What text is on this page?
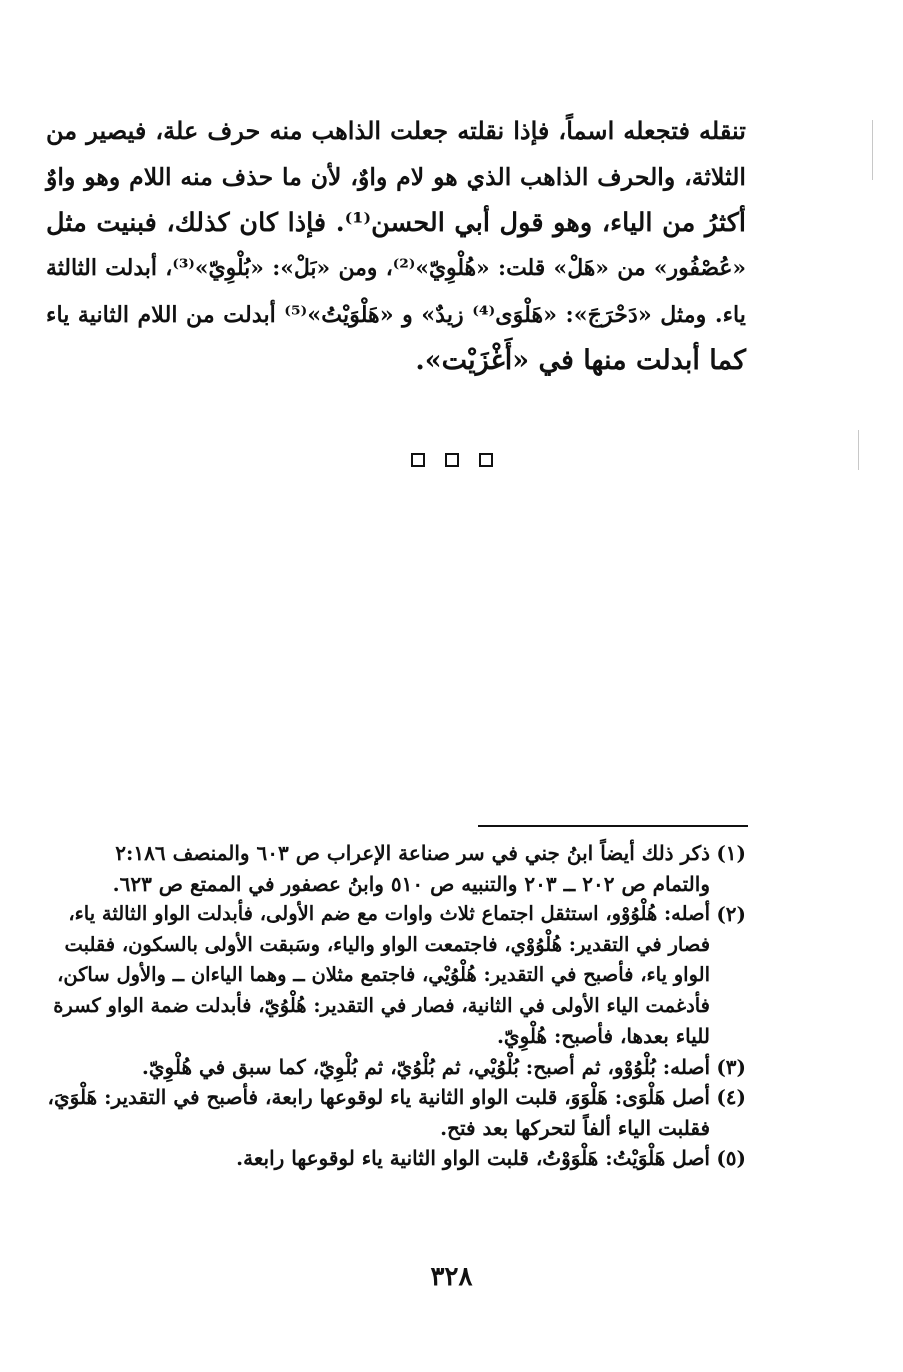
تنقله فتجعله اسماً، فإذا نقلته جعلت الذاهب منه حرف علة، فيصير من
الثلاثة، والحرف الذاهب الذي هو لام واوٌ، لأن ما حذف منه اللام وهو واوٌ
أكثرُ من الياء، وهو قول أبي الحسن⁽¹⁾. فإذا كان كذلك، فبنيت مثل
«عُصْفُور» من «هَلْ» قلت: «هُلْوِيّ»⁽²⁾، ومن «بَلْ»: «بُلْوِيّ»⁽³⁾، أبدلت الثالثة
ياء. ومثل «دَحْرَجَ»: «هَلْوَى⁽⁴⁾ زيدٌ» و «هَلْوَيْتُ»⁽⁵⁾ أبدلت من اللام الثانية ياء
كما أبدلت منها في «أَغْزَيْت».
(١)
ذكر ذلك أيضاً ابنُ جني في سر صناعة الإعراب ص ٦٠٣ والمنصف ٢:١٨٦
والتمام ص ٢٠٢ ــ ٢٠٣ والتنبيه ص ٥١٠ وابنُ عصفور في الممتع ص ٦٢٣.
(٢)
أصله: هُلْوُوْو، استثقل اجتماع ثلاث واوات مع ضم الأولى، فأبدلت الواو الثالثة ياء،
فصار في التقدير: هُلْوُوْي، فاجتمعت الواو والياء، وسَبقت الأولى بالسكون، فقلبت
الواو ياء، فأصبح في التقدير: هُلْوُيْي، فاجتمع مثلان ــ وهما الياءان ــ والأول ساكن،
فأدغمت الياء الأولى في الثانية، فصار في التقدير: هُلْوُيّ، فأبدلت ضمة الواو كسرة
للياء بعدها، فأصبح: هُلْوِيّ.
(٣)
أصله: بُلْوُوْو، ثم أصبح: بُلْوُيْي، ثم بُلْوُيّ، ثم بُلْوِيّ، كما سبق في هُلْوِيّ.
(٤)
أصل هَلْوَى: هَلْوَوَ، قلبت الواو الثانية ياء لوقوعها رابعة، فأصبح في التقدير: هَلْوَيَ،
فقلبت الياء ألفاً لتحركها بعد فتح.
(٥)
أصل هَلْوَيْتُ: هَلْوَوْتُ، قلبت الواو الثانية ياء لوقوعها رابعة.
٣٢٨
